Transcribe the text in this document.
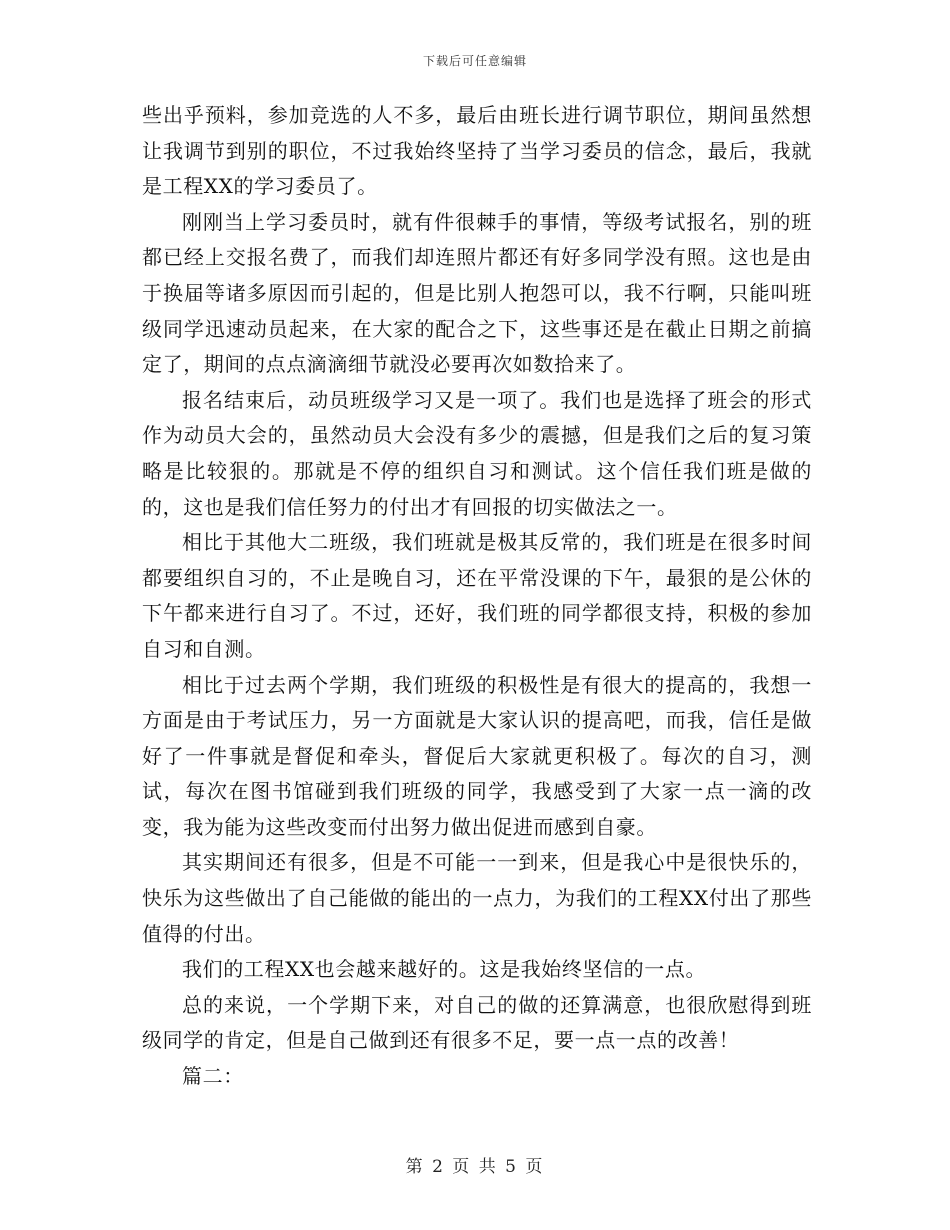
下载后可任意编辑

些出乎预料，参加竞选的人不多，最后由班长进行调节职位，期间虽然想让我调节到别的职位，不过我始终坚持了当学习委员的信念，最后，我就是工程XX的学习委员了。

刚刚当上学习委员时，就有件很棘手的事情，等级考试报名，别的班都已经上交报名费了，而我们却连照片都还有好多同学没有照。这也是由于换届等诸多原因而引起的，但是比别人抱怨可以，我不行啊，只能叫班级同学迅速动员起来，在大家的配合之下，这些事还是在截止日期之前搞定了，期间的点点滴滴细节就没必要再次如数拾来了。

报名结束后，动员班级学习又是一项了。我们也是选择了班会的形式作为动员大会的，虽然动员大会没有多少的震撼，但是我们之后的复习策略是比较狠的。那就是不停的组织自习和测试。这个信任我们班是做的的，这也是我们信任努力的付出才有回报的切实做法之一。

相比于其他大二班级，我们班就是极其反常的，我们班是在很多时间都要组织自习的，不止是晚自习，还在平常没课的下午，最狠的是公休的下午都来进行自习了。不过，还好，我们班的同学都很支持，积极的参加自习和自测。

相比于过去两个学期，我们班级的积极性是有很大的提高的，我想一方面是由于考试压力，另一方面就是大家认识的提高吧，而我，信任是做好了一件事就是督促和牵头，督促后大家就更积极了。每次的自习，测试，每次在图书馆碰到我们班级的同学，我感受到了大家一点一滴的改变，我为能为这些改变而付出努力做出促进而感到自豪。

其实期间还有很多，但是不可能一一到来，但是我心中是很快乐的，快乐为这些做出了自己能做的能出的一点力，为我们的工程XX付出了那些值得的付出。

我们的工程XX也会越来越好的。这是我始终坚信的一点。

总的来说，一个学期下来，对自己的做的还算满意，也很欣慰得到班级同学的肯定，但是自己做到还有很多不足，要一点一点的改善！

篇二：

第 2 页 共 5 页
